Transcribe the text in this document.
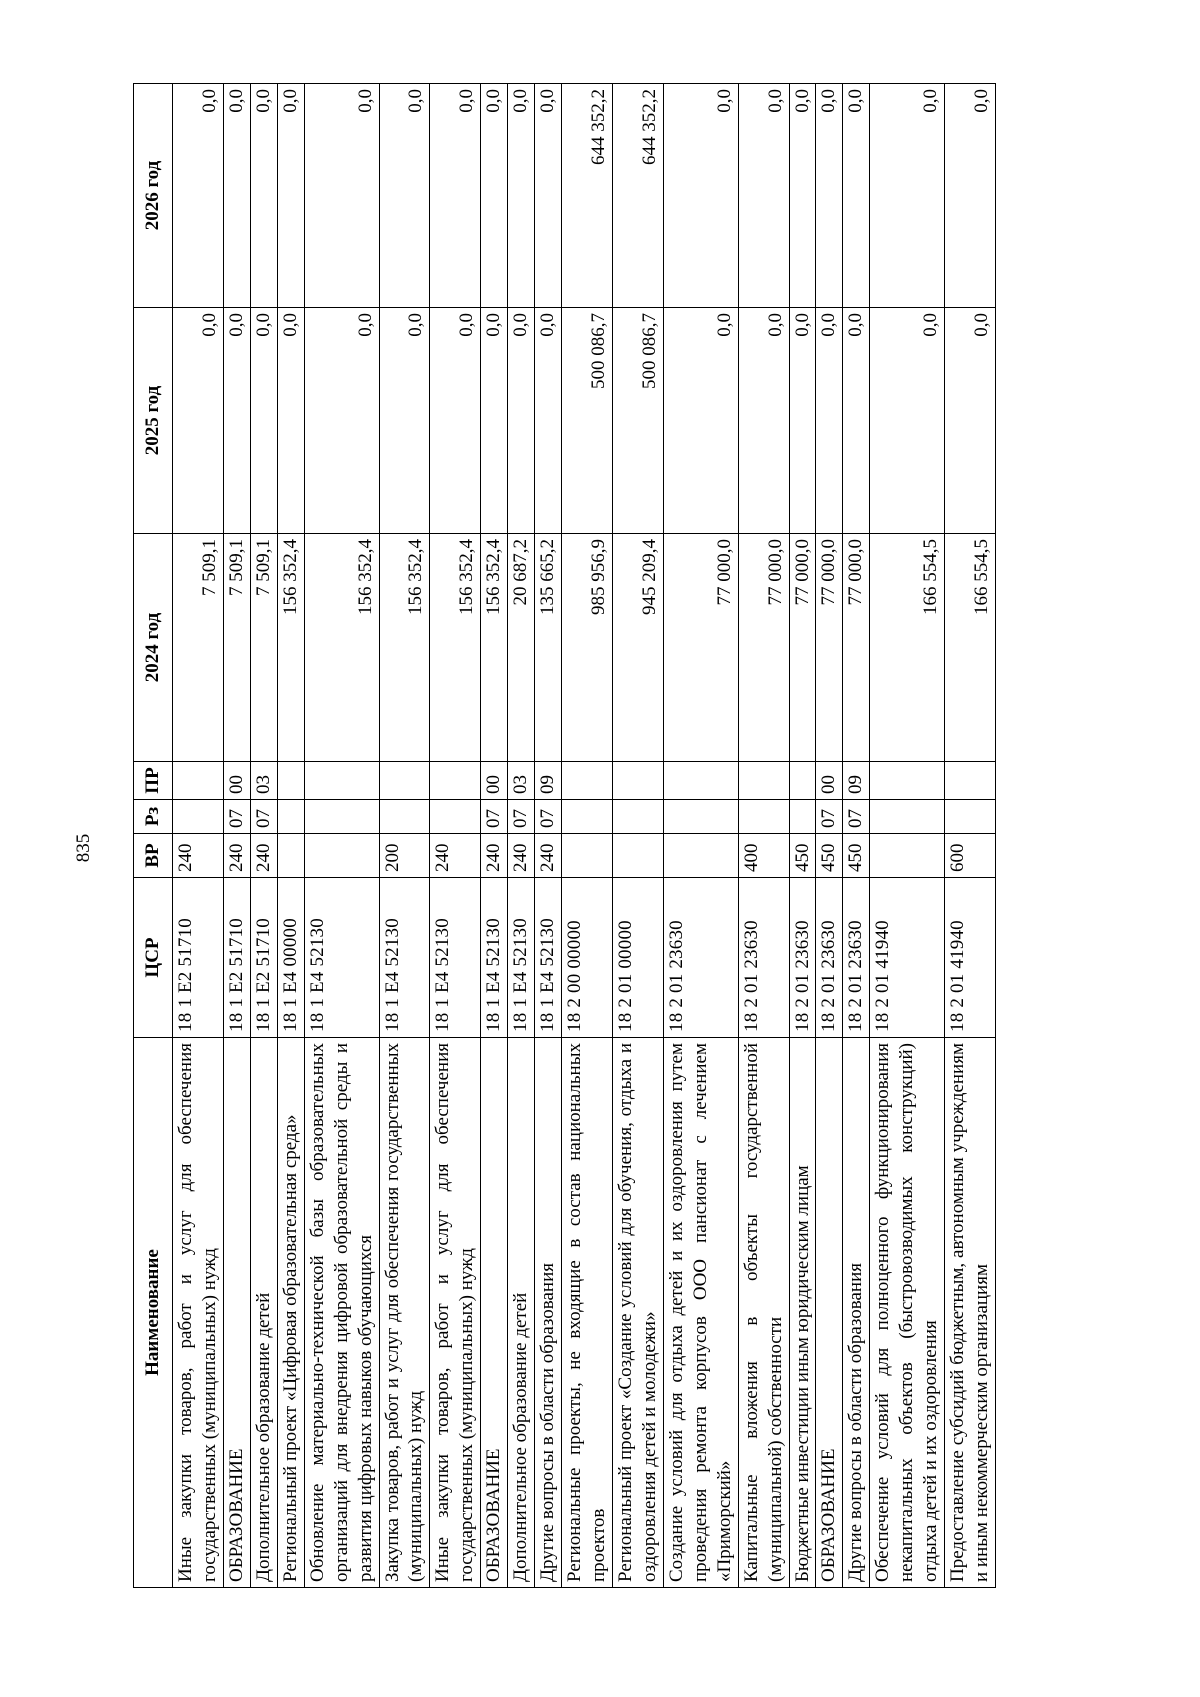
835
Наименование	ЦСР	ВР	Рз	ПР	2024 год	2025 год	2026 год
Иные закупки товаров, работ и услуг для обеспечения государственных (муниципальных) нужд	18 1 Е2 51710	240			7 509,1	0,0	0,0
ОБРАЗОВАНИЕ	18 1 Е2 51710	240	07	00	7 509,1	0,0	0,0
Дополнительное образование детей	18 1 Е2 51710	240	07	03	7 509,1	0,0	0,0
Региональный проект «Цифровая образовательная среда»	18 1 Е4 00000				156 352,4	0,0	0,0
Обновление материально-технической базы образовательных организаций для внедрения цифровой образовательной среды и развития цифровых навыков обучающихся	18 1 Е4 52130				156 352,4	0,0	0,0
Закупка товаров, работ и услуг для обеспечения государственных (муниципальных) нужд	18 1 Е4 52130	200			156 352,4	0,0	0,0
Иные закупки товаров, работ и услуг для обеспечения государственных (муниципальных) нужд	18 1 Е4 52130	240			156 352,4	0,0	0,0
ОБРАЗОВАНИЕ	18 1 Е4 52130	240	07	00	156 352,4	0,0	0,0
Дополнительное образование детей	18 1 Е4 52130	240	07	03	20 687,2	0,0	0,0
Другие вопросы в области образования	18 1 Е4 52130	240	07	09	135 665,2	0,0	0,0
Региональные проекты, не входящие в состав национальных проектов	18 2 00 00000				985 956,9	500 086,7	644 352,2
Региональный проект «Создание условий для обучения, отдыха и оздоровления детей и молодежи»	18 2 01 00000				945 209,4	500 086,7	644 352,2
Создание условий для отдыха детей и их оздоровления путем проведения ремонта корпусов ООО пансионат с лечением «Приморский»	18 2 01 23630				77 000,0	0,0	0,0
Капитальные вложения в объекты государственной (муниципальной) собственности	18 2 01 23630	400			77 000,0	0,0	0,0
Бюджетные инвестиции иным юридическим лицам	18 2 01 23630	450			77 000,0	0,0	0,0
ОБРАЗОВАНИЕ	18 2 01 23630	450	07	00	77 000,0	0,0	0,0
Другие вопросы в области образования	18 2 01 23630	450	07	09	77 000,0	0,0	0,0
Обеспечение условий для полноценного функционирования некапитальных объектов (быстровозводимых конструкций) отдыха детей и их оздоровления	18 2 01 41940				166 554,5	0,0	0,0
Предоставление субсидий бюджетным, автономным учреждениям и иным некоммерческим организациям	18 2 01 41940	600			166 554,5	0,0	0,0
